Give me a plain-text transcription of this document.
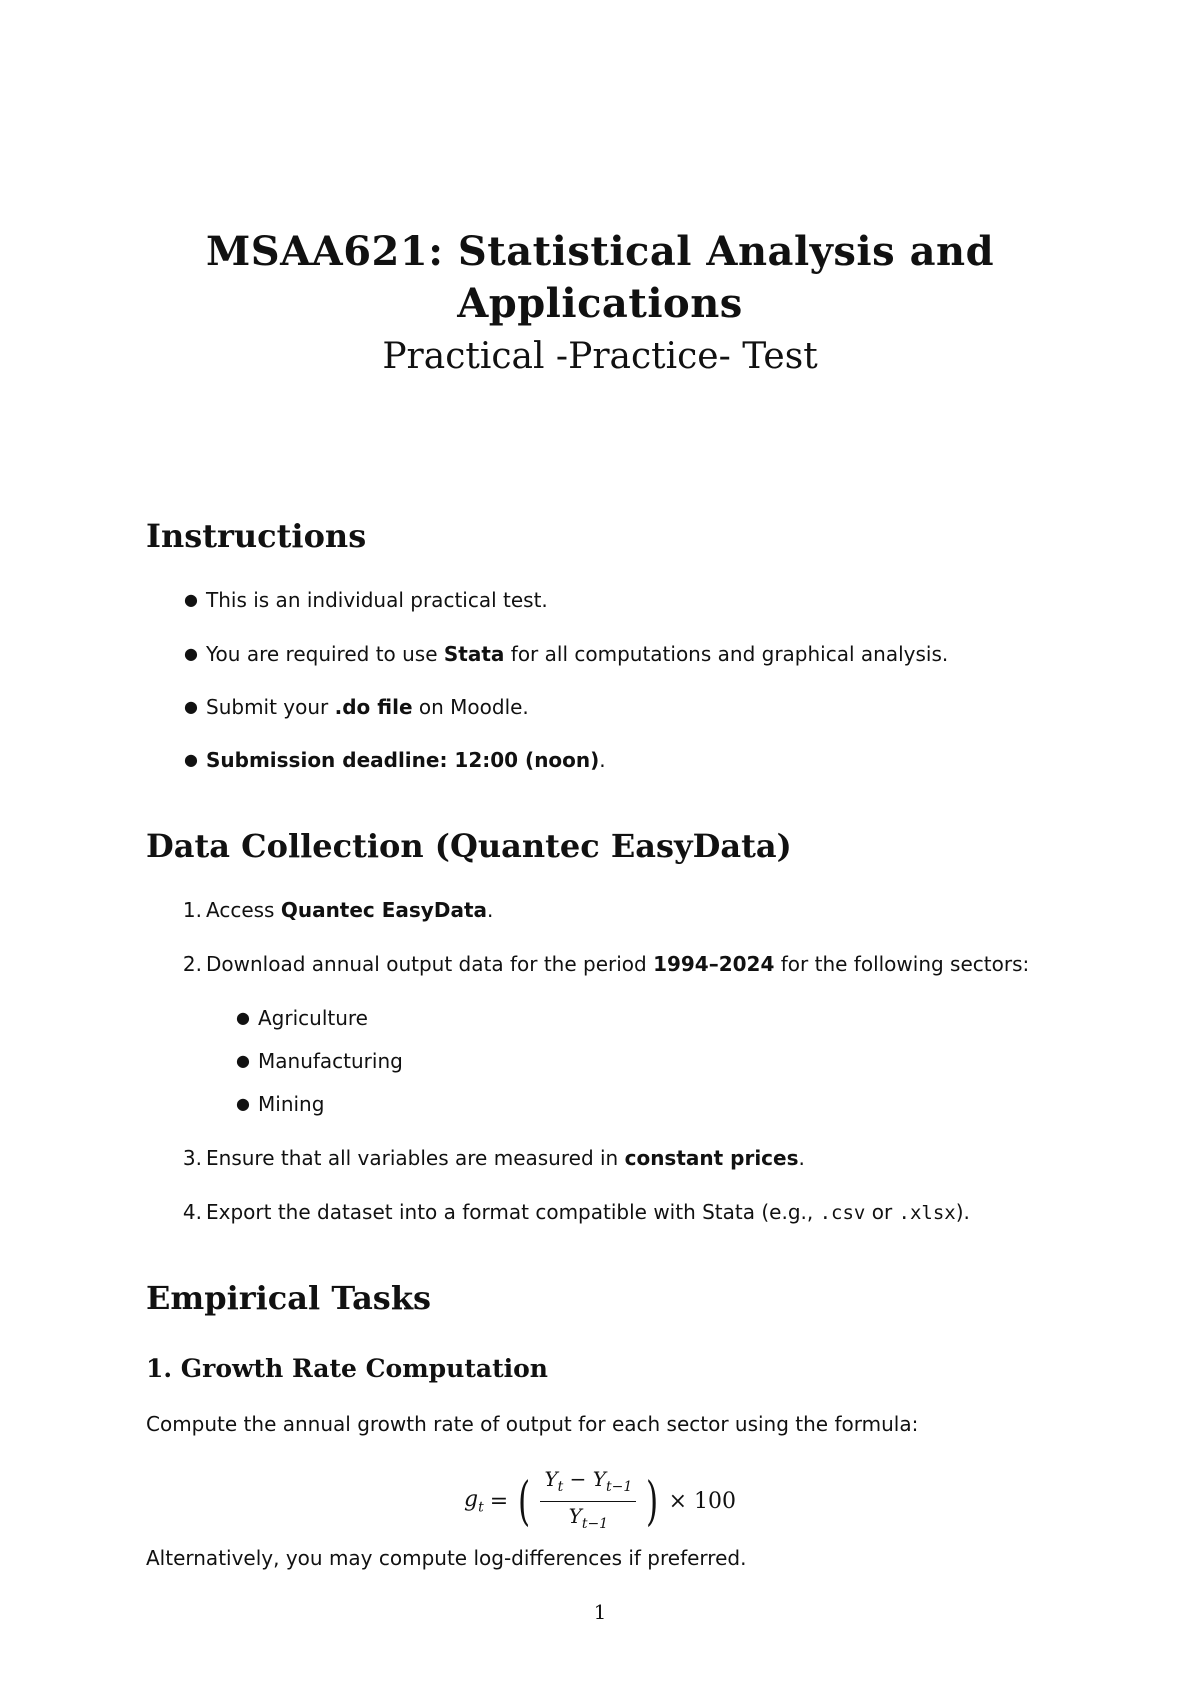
MSAA621: Statistical Analysis and
Applications
Practical -Practice- Test
Instructions
● This is an individual practical test.
● You are required to use Stata for all computations and graphical analysis.
● Submit your .do file on Moodle.
● Submission deadline: 12:00 (noon).
Data Collection (Quantec EasyData)
1. Access Quantec EasyData.
2. Download annual output data for the period 1994–2024 for the following sectors:
● Agriculture
● Manufacturing
● Mining
3. Ensure that all variables are measured in constant prices.
4. Export the dataset into a format compatible with Stata (e.g., .csv or .xlsx).
Empirical Tasks
1. Growth Rate Computation
Compute the annual growth rate of output for each sector using the formula:
Alternatively, you may compute log-differences if preferred.
$g_t$ = ( $\frac{Y_t - Y_{t-1}}{Y_{t-1}}$ ) × 100
1
